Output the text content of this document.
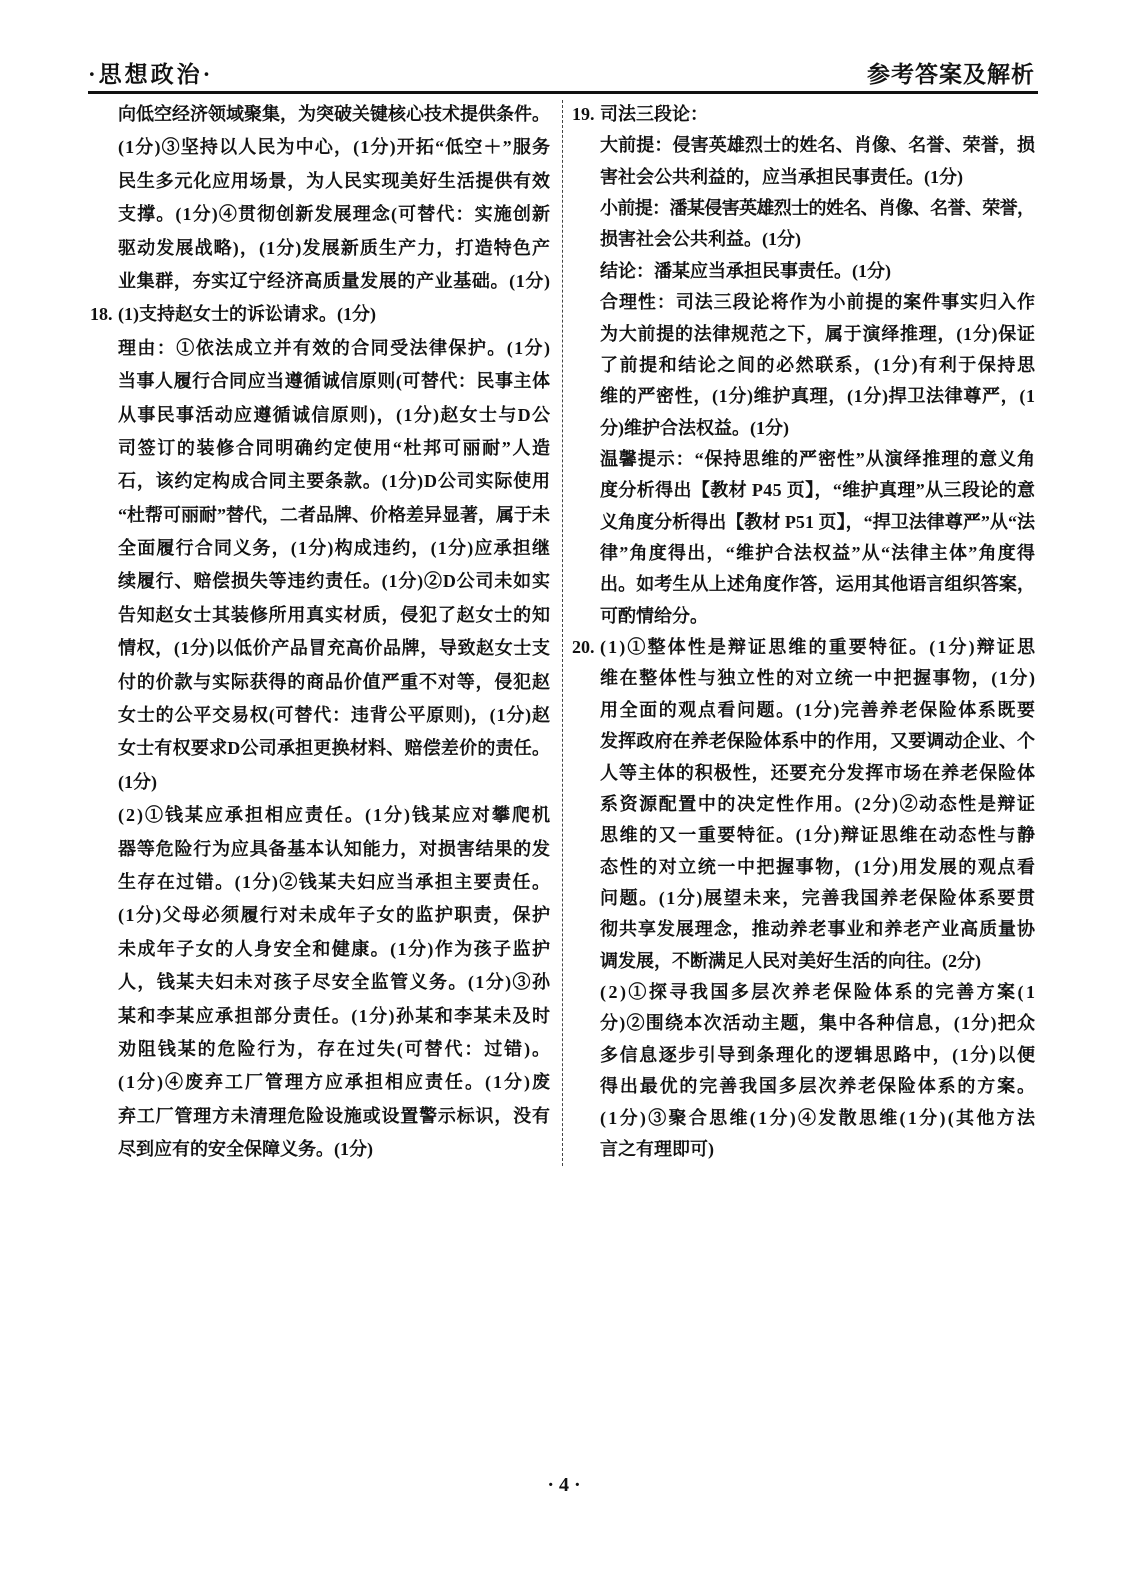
·思想政治·	参考答案及解析
向低空经济领域聚集，为突破关键核心技术提供条件。
(1分)③坚持以人民为中心，(1分)开拓“低空＋”服务
民生多元化应用场景，为人民实现美好生活提供有效
支撑。(1分)④贯彻创新发展理念(可替代：实施创新
驱动发展战略)，(1分)发展新质生产力，打造特色产
业集群，夯实辽宁经济高质量发展的产业基础。(1分)
18. (1)支持赵女士的诉讼请求。(1分)
理由：①依法成立并有效的合同受法律保护。(1分)
当事人履行合同应当遵循诚信原则(可替代：民事主体
从事民事活动应遵循诚信原则)，(1分)赵女士与D公
司签订的装修合同明确约定使用“杜邦可丽耐”人造
石，该约定构成合同主要条款。(1分)D公司实际使用
“杜帮可丽耐”替代，二者品牌、价格差异显著，属于未
全面履行合同义务，(1分)构成违约，(1分)应承担继
续履行、赔偿损失等违约责任。(1分)②D公司未如实
告知赵女士其装修所用真实材质，侵犯了赵女士的知
情权，(1分)以低价产品冒充高价品牌，导致赵女士支
付的价款与实际获得的商品价值严重不对等，侵犯赵
女士的公平交易权(可替代：违背公平原则)，(1分)赵
女士有权要求D公司承担更换材料、赔偿差价的责任。
(1分)
(2)①钱某应承担相应责任。(1分)钱某应对攀爬机
器等危险行为应具备基本认知能力，对损害结果的发
生存在过错。(1分)②钱某夫妇应当承担主要责任。
(1分)父母必须履行对未成年子女的监护职责，保护
未成年子女的人身安全和健康。(1分)作为孩子监护
人，钱某夫妇未对孩子尽安全监管义务。(1分)③孙
某和李某应承担部分责任。(1分)孙某和李某未及时
劝阻钱某的危险行为，存在过失(可替代：过错)。
(1分)④废弃工厂管理方应承担相应责任。(1分)废
弃工厂管理方未清理危险设施或设置警示标识，没有
尽到应有的安全保障义务。(1分)
19. 司法三段论：
大前提：侵害英雄烈士的姓名、肖像、名誉、荣誉，损
害社会公共利益的，应当承担民事责任。(1分)
小前提：潘某侵害英雄烈士的姓名、肖像、名誉、荣誉，
损害社会公共利益。(1分)
结论：潘某应当承担民事责任。(1分)
合理性：司法三段论将作为小前提的案件事实归入作
为大前提的法律规范之下，属于演绎推理，(1分)保证
了前提和结论之间的必然联系，(1分)有利于保持思
维的严密性，(1分)维护真理，(1分)捍卫法律尊严，(1
分)维护合法权益。(1分)
温馨提示：“保持思维的严密性”从演绎推理的意义角
度分析得出【教材 P45 页】，“维护真理”从三段论的意
义角度分析得出【教材 P51 页】，“捍卫法律尊严”从“法
律”角度得出，“维护合法权益”从“法律主体”角度得
出。如考生从上述角度作答，运用其他语言组织答案，
可酌情给分。
20. (1)①整体性是辩证思维的重要特征。(1分)辩证思
维在整体性与独立性的对立统一中把握事物，(1分)
用全面的观点看问题。(1分)完善养老保险体系既要
发挥政府在养老保险体系中的作用，又要调动企业、个
人等主体的积极性，还要充分发挥市场在养老保险体
系资源配置中的决定性作用。(2分)②动态性是辩证
思维的又一重要特征。(1分)辩证思维在动态性与静
态性的对立统一中把握事物，(1分)用发展的观点看
问题。(1分)展望未来，完善我国养老保险体系要贯
彻共享发展理念，推动养老事业和养老产业高质量协
调发展，不断满足人民对美好生活的向往。(2分)
(2)①探寻我国多层次养老保险体系的完善方案(1
分)②围绕本次活动主题，集中各种信息，(1分)把众
多信息逐步引导到条理化的逻辑思路中，(1分)以便
得出最优的完善我国多层次养老保险体系的方案。
(1分)③聚合思维(1分)④发散思维(1分)(其他方法
言之有理即可)
· 4 ·
